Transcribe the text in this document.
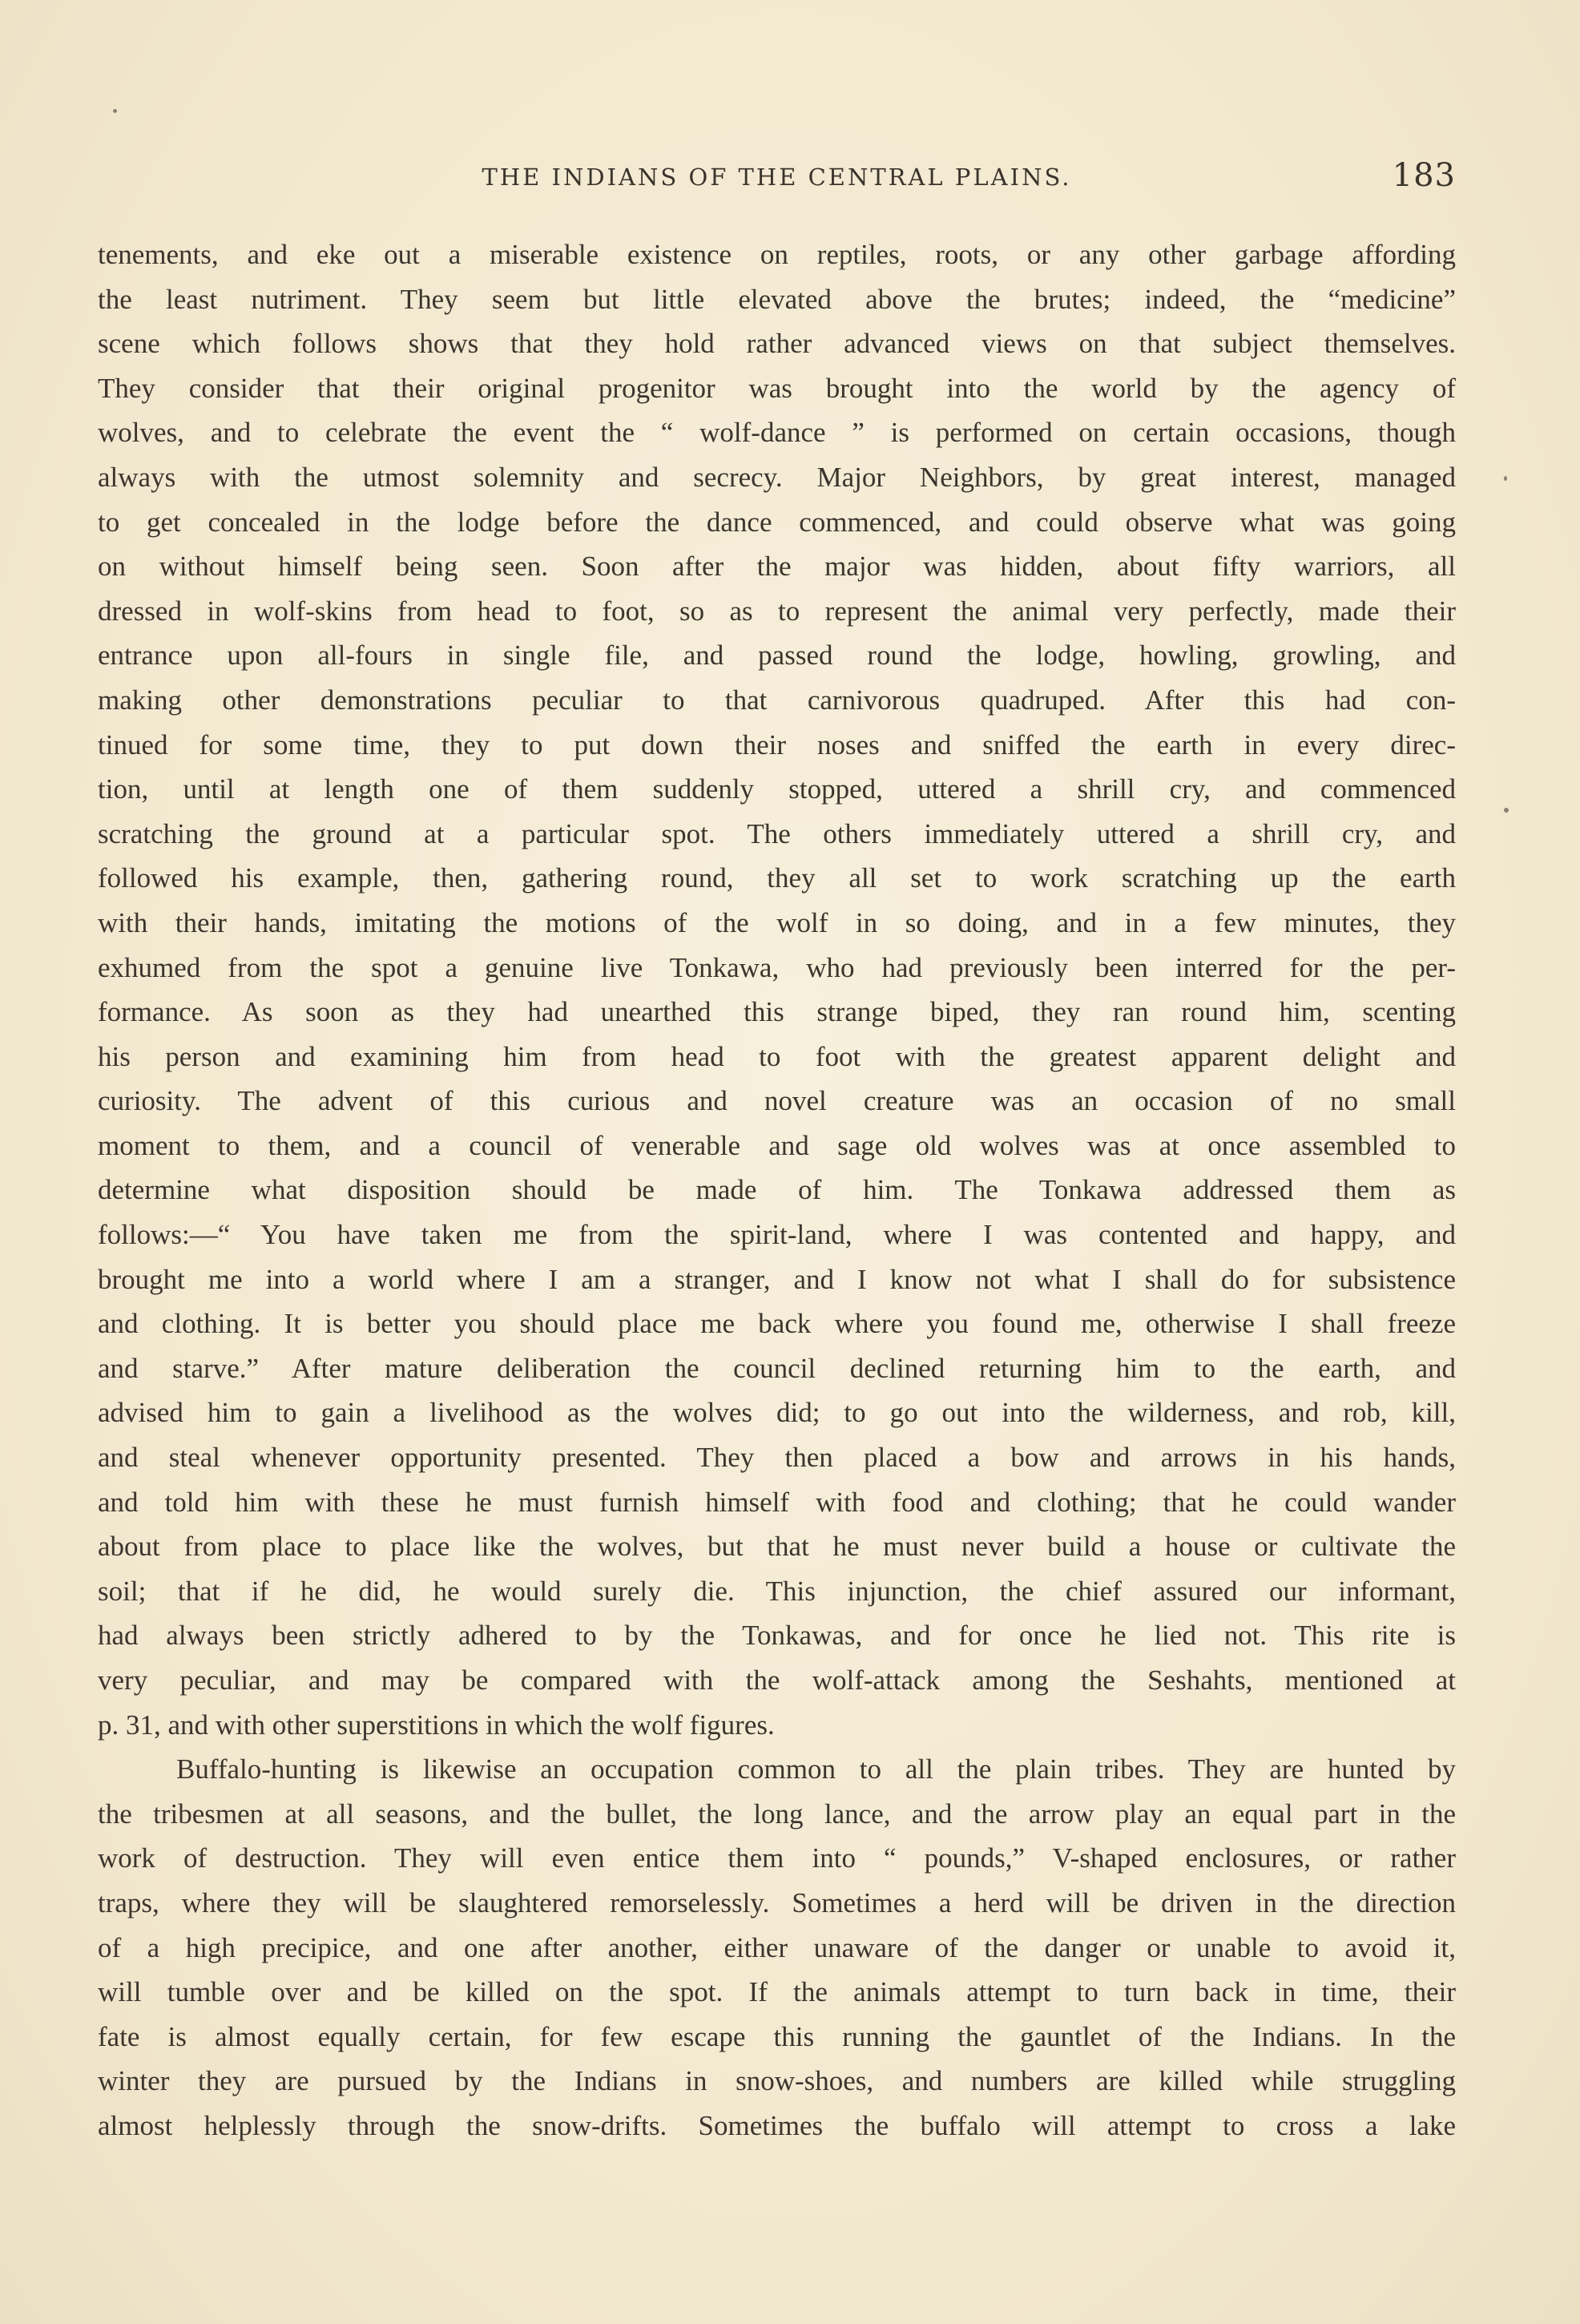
THE INDIANS OF THE CENTRAL PLAINS.	183
tenements, and eke out a miserable existence on reptiles, roots, or any other garbage affording
the least nutriment. They seem but little elevated above the brutes; indeed, the “medicine”
scene which follows shows that they hold rather advanced views on that subject themselves.
They consider that their original progenitor was brought into the world by the agency of
wolves, and to celebrate the event the “ wolf-dance ” is performed on certain occasions, though
always with the utmost solemnity and secrecy. Major Neighbors, by great interest, managed
to get concealed in the lodge before the dance commenced, and could observe what was going
on without himself being seen. Soon after the major was hidden, about fifty warriors, all
dressed in wolf-skins from head to foot, so as to represent the animal very perfectly, made their
entrance upon all-fours in single file, and passed round the lodge, howling, growling, and
making other demonstrations peculiar to that carnivorous quadruped. After this had con-
tinued for some time, they to put down their noses and sniffed the earth in every direc-
tion, until at length one of them suddenly stopped, uttered a shrill cry, and commenced
scratching the ground at a particular spot. The others immediately uttered a shrill cry, and
followed his example, then, gathering round, they all set to work scratching up the earth
with their hands, imitating the motions of the wolf in so doing, and in a few minutes, they
exhumed from the spot a genuine live Tonkawa, who had previously been interred for the per-
formance. As soon as they had unearthed this strange biped, they ran round him, scenting
his person and examining him from head to foot with the greatest apparent delight and
curiosity. The advent of this curious and novel creature was an occasion of no small
moment to them, and a council of venerable and sage old wolves was at once assembled to
determine what disposition should be made of him. The Tonkawa addressed them as
follows:—“ You have taken me from the spirit-land, where I was contented and happy, and
brought me into a world where I am a stranger, and I know not what I shall do for subsistence
and clothing. It is better you should place me back where you found me, otherwise I shall freeze
and starve.” After mature deliberation the council declined returning him to the earth, and
advised him to gain a livelihood as the wolves did; to go out into the wilderness, and rob, kill,
and steal whenever opportunity presented. They then placed a bow and arrows in his hands,
and told him with these he must furnish himself with food and clothing; that he could wander
about from place to place like the wolves, but that he must never build a house or cultivate the
soil; that if he did, he would surely die. This injunction, the chief assured our informant,
had always been strictly adhered to by the Tonkawas, and for once he lied not. This rite is
very peculiar, and may be compared with the wolf-attack among the Seshahts, mentioned at
p. 31, and with other superstitions in which the wolf figures.
Buffalo-hunting is likewise an occupation common to all the plain tribes. They are hunted by
the tribesmen at all seasons, and the bullet, the long lance, and the arrow play an equal part in the
work of destruction. They will even entice them into “ pounds,” V-shaped enclosures, or rather
traps, where they will be slaughtered remorselessly. Sometimes a herd will be driven in the direction
of a high precipice, and one after another, either unaware of the danger or unable to avoid it,
will tumble over and be killed on the spot. If the animals attempt to turn back in time, their
fate is almost equally certain, for few escape this running the gauntlet of the Indians. In the
winter they are pursued by the Indians in snow-shoes, and numbers are killed while struggling
almost helplessly through the snow-drifts. Sometimes the buffalo will attempt to cross a lake
